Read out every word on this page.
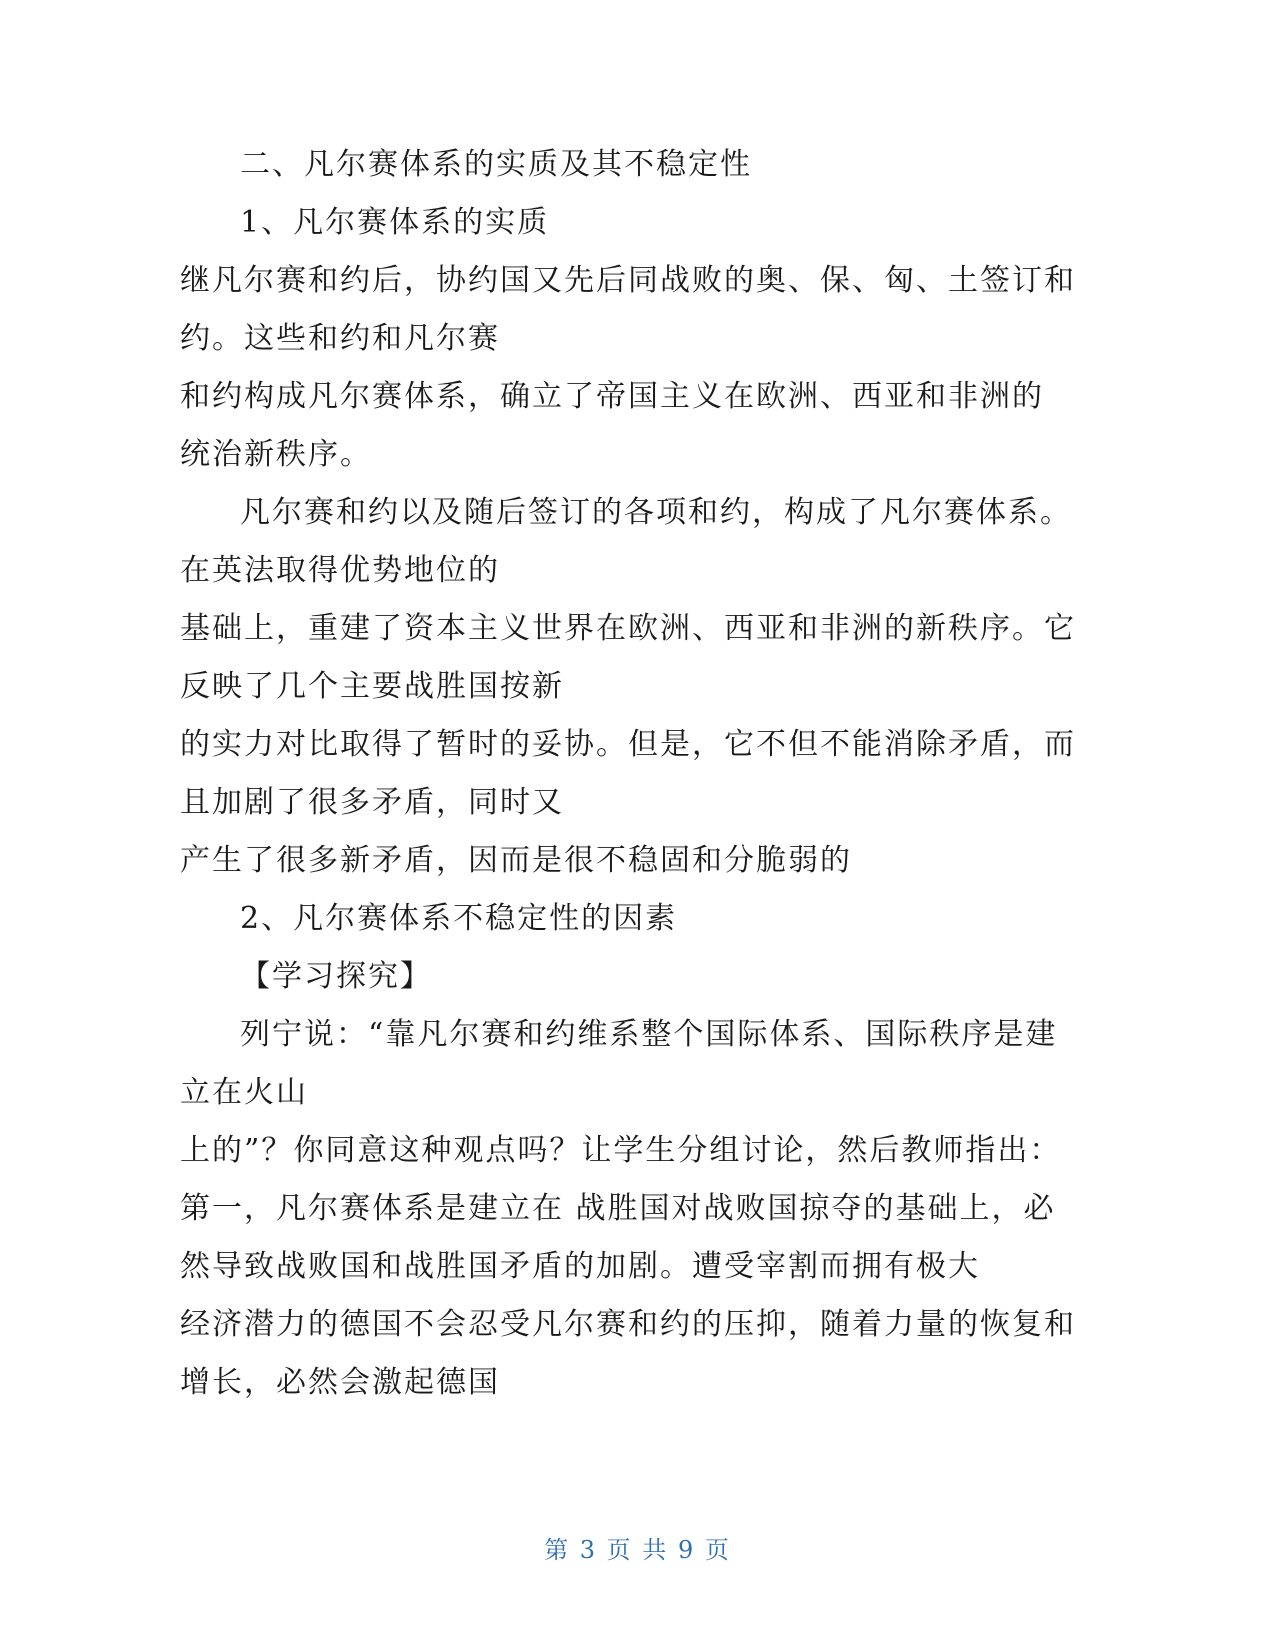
二、凡尔赛体系的实质及其不稳定性
1、凡尔赛体系的实质
继凡尔赛和约后，协约国又先后同战败的奥、保、匈、土签订和
约。这些和约和凡尔赛
和约构成凡尔赛体系，确立了帝国主义在欧洲、西亚和非洲的
统治新秩序。
凡尔赛和约以及随后签订的各项和约，构成了凡尔赛体系。
在英法取得优势地位的
基础上，重建了资本主义世界在欧洲、西亚和非洲的新秩序。它
反映了几个主要战胜国按新
的实力对比取得了暂时的妥协。但是，它不但不能消除矛盾，而
且加剧了很多矛盾，同时又
产生了很多新矛盾，因而是很不稳固和分脆弱的
2、凡尔赛体系不稳定性的因素
【学习探究】
列宁说：“靠凡尔赛和约维系整个国际体系、国际秩序是建
立在火山
上的”？你同意这种观点吗？让学生分组讨论，然后教师指出：
第一，凡尔赛体系是建立在 战胜国对战败国掠夺的基础上，必
然导致战败国和战胜国矛盾的加剧。遭受宰割而拥有极大
经济潜力的德国不会忍受凡尔赛和约的压抑，随着力量的恢复和
增长，必然会激起德国
第 3 页 共 9 页
